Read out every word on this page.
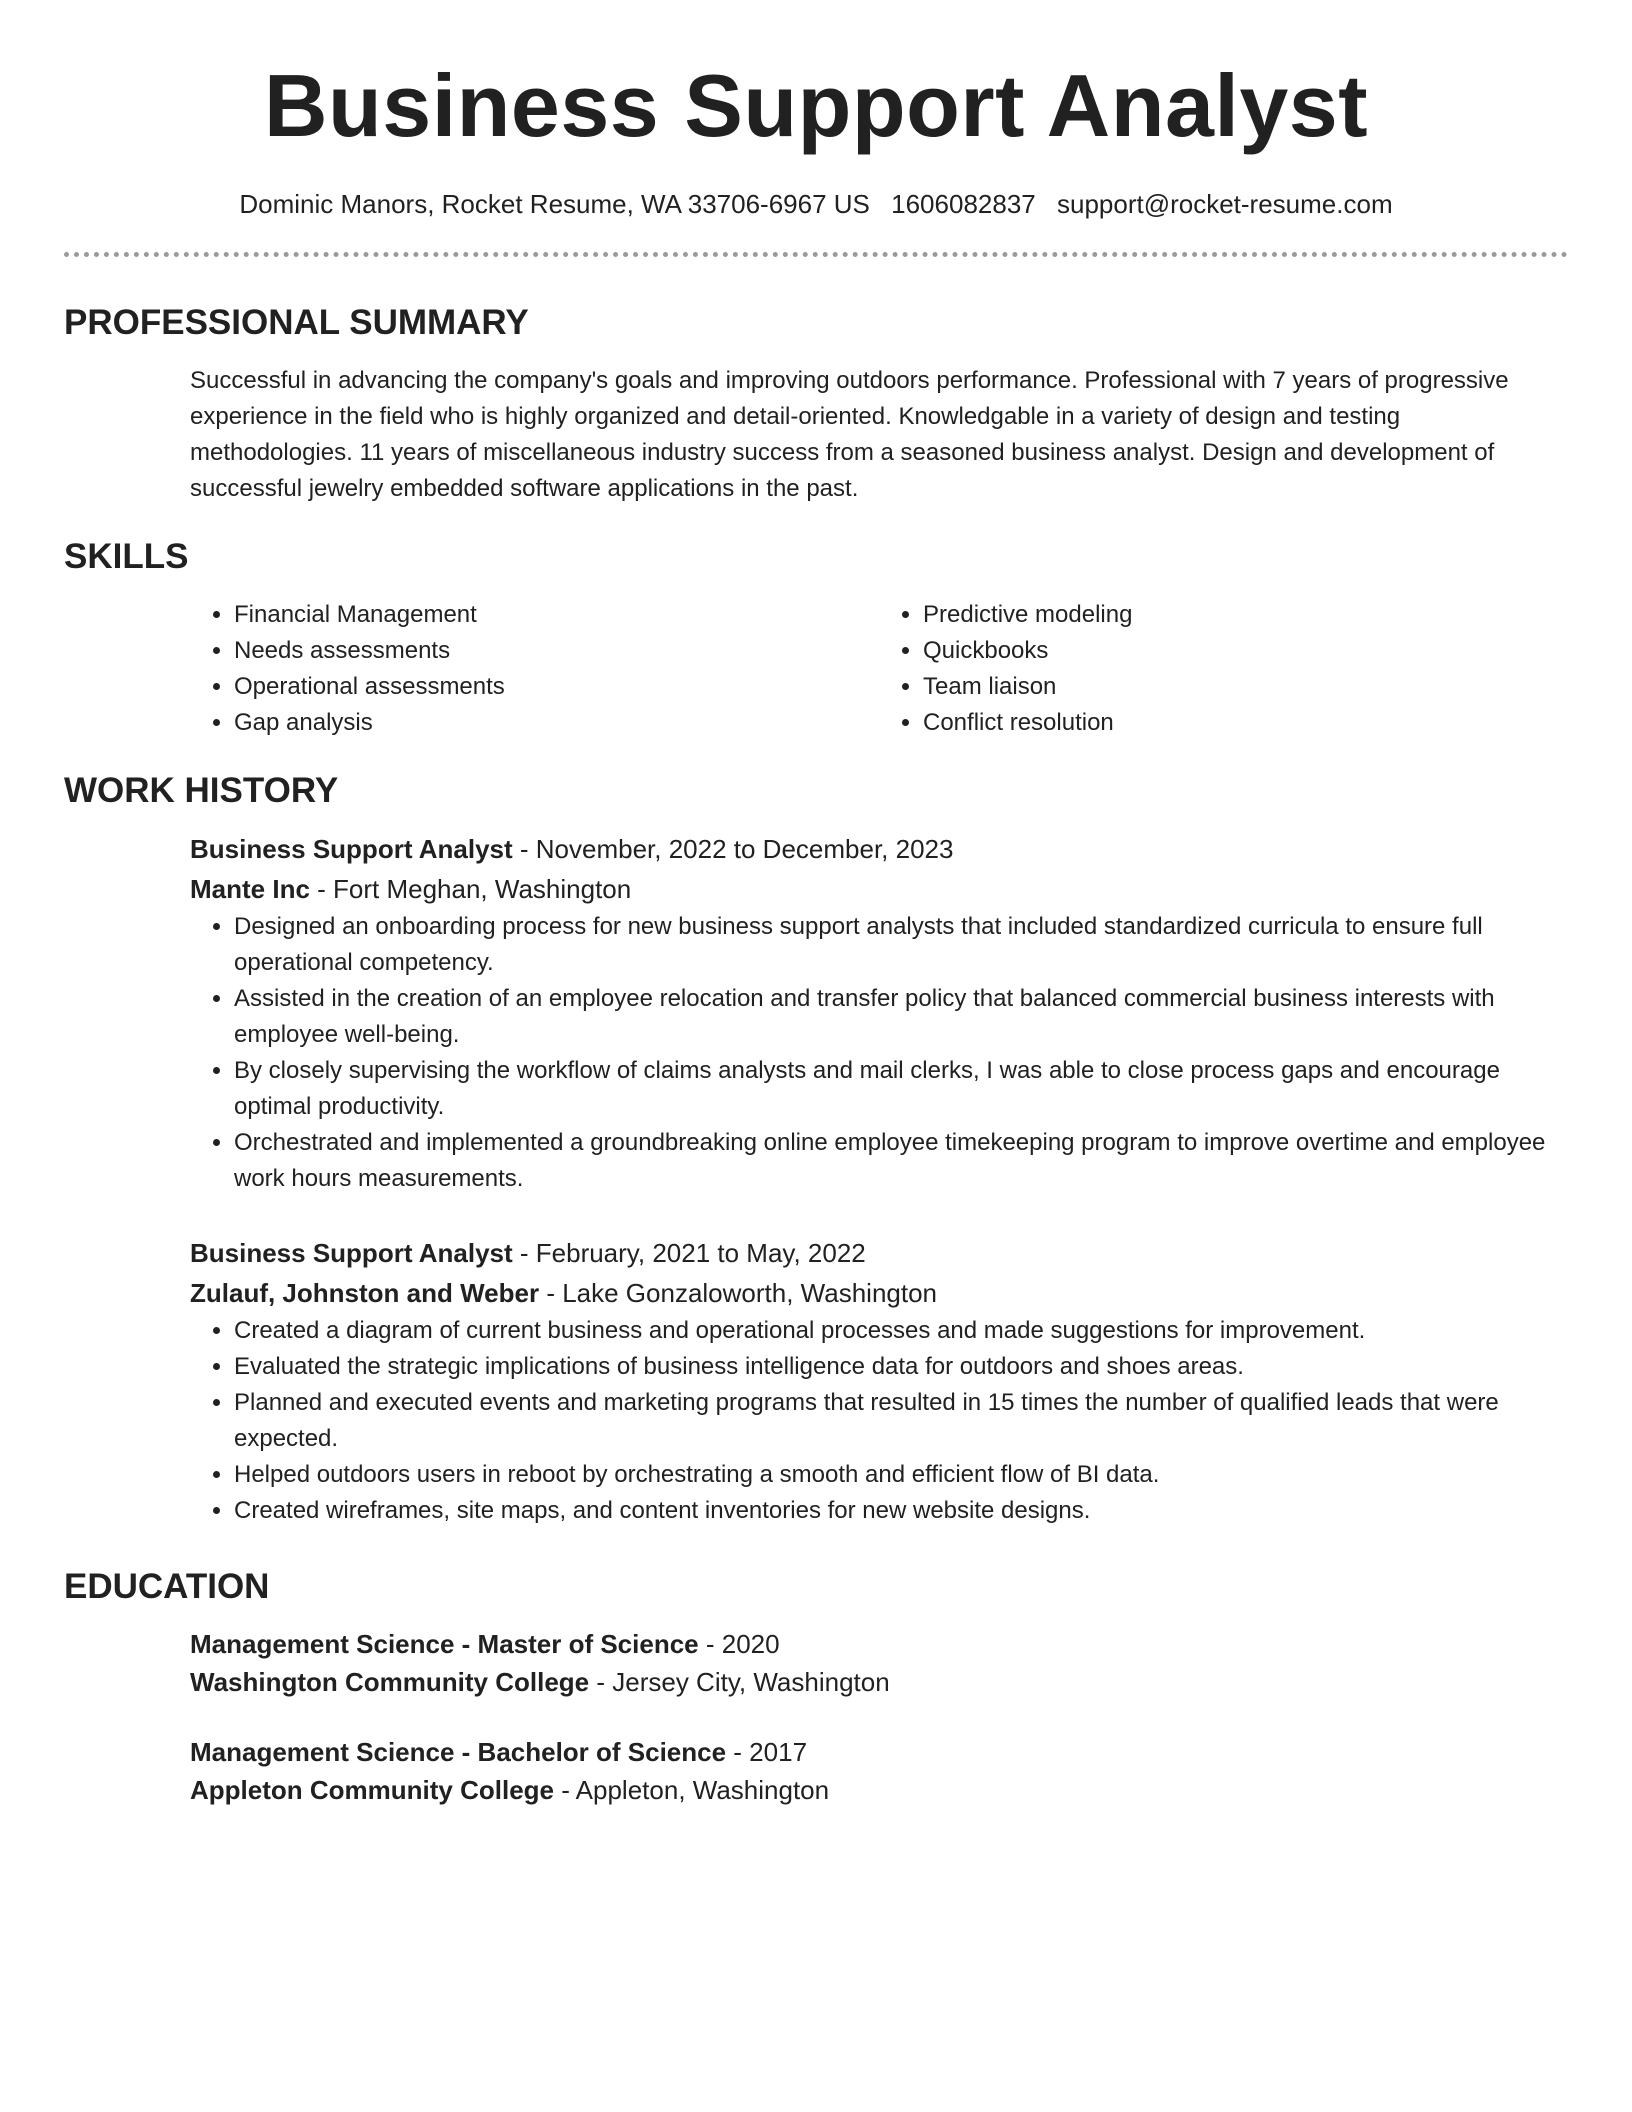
Business Support Analyst
Dominic Manors, Rocket Resume, WA 33706-6967 US 1606082837 support@rocket-resume.com
PROFESSIONAL SUMMARY

Successful in advancing the company's goals and improving outdoors performance. Professional with 7 years of progressive experience in the field who is highly organized and detail-oriented. Knowledgable in a variety of design and testing methodologies. 11 years of miscellaneous industry success from a seasoned business analyst. Design and development of successful jewelry embedded software applications in the past.

SKILLS
• Financial Management
• Needs assessments
• Operational assessments
• Gap analysis
• Predictive modeling
• Quickbooks
• Team liaison
• Conflict resolution
WORK HISTORY
Business Support Analyst - November, 2022 to December, 2023
Mante Inc - Fort Meghan, Washington
• Designed an onboarding process for new business support analysts that included standardized curricula to ensure full operational competency.
• Assisted in the creation of an employee relocation and transfer policy that balanced commercial business interests with employee well-being.
• By closely supervising the workflow of claims analysts and mail clerks, I was able to close process gaps and encourage optimal productivity.
• Orchestrated and implemented a groundbreaking online employee timekeeping program to improve overtime and employee work hours measurements.
Business Support Analyst - February, 2021 to May, 2022
Zulauf, Johnston and Weber - Lake Gonzaloworth, Washington
• Created a diagram of current business and operational processes and made suggestions for improvement.
• Evaluated the strategic implications of business intelligence data for outdoors and shoes areas.
• Planned and executed events and marketing programs that resulted in 15 times the number of qualified leads that were expected.
• Helped outdoors users in reboot by orchestrating a smooth and efficient flow of BI data.
• Created wireframes, site maps, and content inventories for new website designs.
EDUCATION
Management Science - Master of Science - 2020
Washington Community College - Jersey City, Washington
Management Science - Bachelor of Science - 2017
Appleton Community College - Appleton, Washington
